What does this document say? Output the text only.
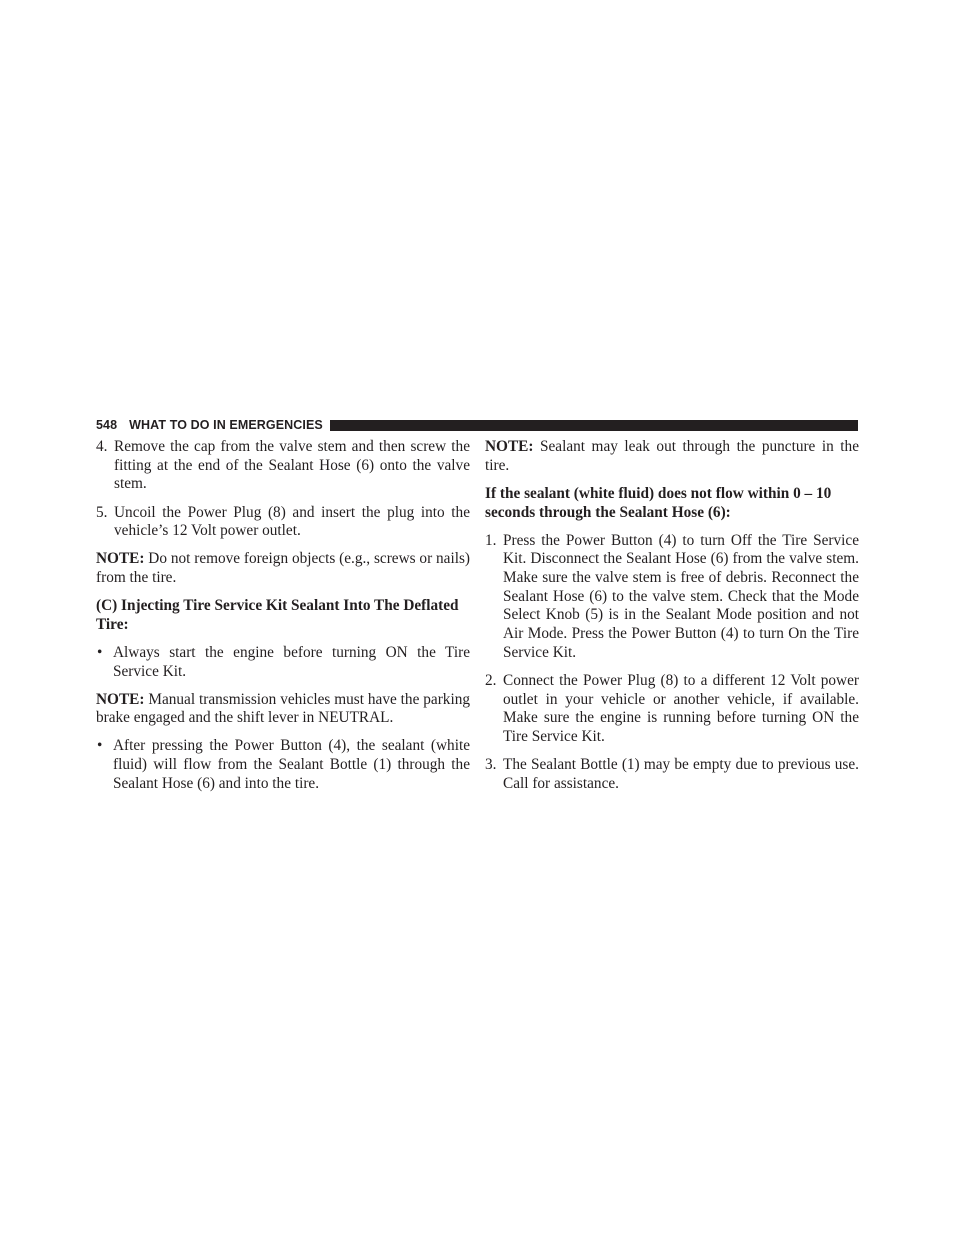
548 WHAT TO DO IN EMERGENCIES
4. Remove the cap from the valve stem and then screw the fitting at the end of the Sealant Hose (6) onto the valve stem.
5. Uncoil the Power Plug (8) and insert the plug into the vehicle’s 12 Volt power outlet.

NOTE: Do not remove foreign objects (e.g., screws or nails) from the tire.

(C) Injecting Tire Service Kit Sealant Into The Deflated Tire:

• Always start the engine before turning ON the Tire Service Kit.

NOTE: Manual transmission vehicles must have the parking brake engaged and the shift lever in NEUTRAL.

• After pressing the Power Button (4), the sealant (white fluid) will flow from the Sealant Bottle (1) through the Sealant Hose (6) and into the tire.

NOTE: Sealant may leak out through the puncture in the tire.

If the sealant (white fluid) does not flow within 0 – 10 seconds through the Sealant Hose (6):

1. Press the Power Button (4) to turn Off the Tire Service Kit. Disconnect the Sealant Hose (6) from the valve stem. Make sure the valve stem is free of debris. Reconnect the Sealant Hose (6) to the valve stem. Check that the Mode Select Knob (5) is in the Sealant Mode position and not Air Mode. Press the Power Button (4) to turn On the Tire Service Kit.
2. Connect the Power Plug (8) to a different 12 Volt power outlet in your vehicle or another vehicle, if available. Make sure the engine is running before turning ON the Tire Service Kit.
3. The Sealant Bottle (1) may be empty due to previous use. Call for assistance.
